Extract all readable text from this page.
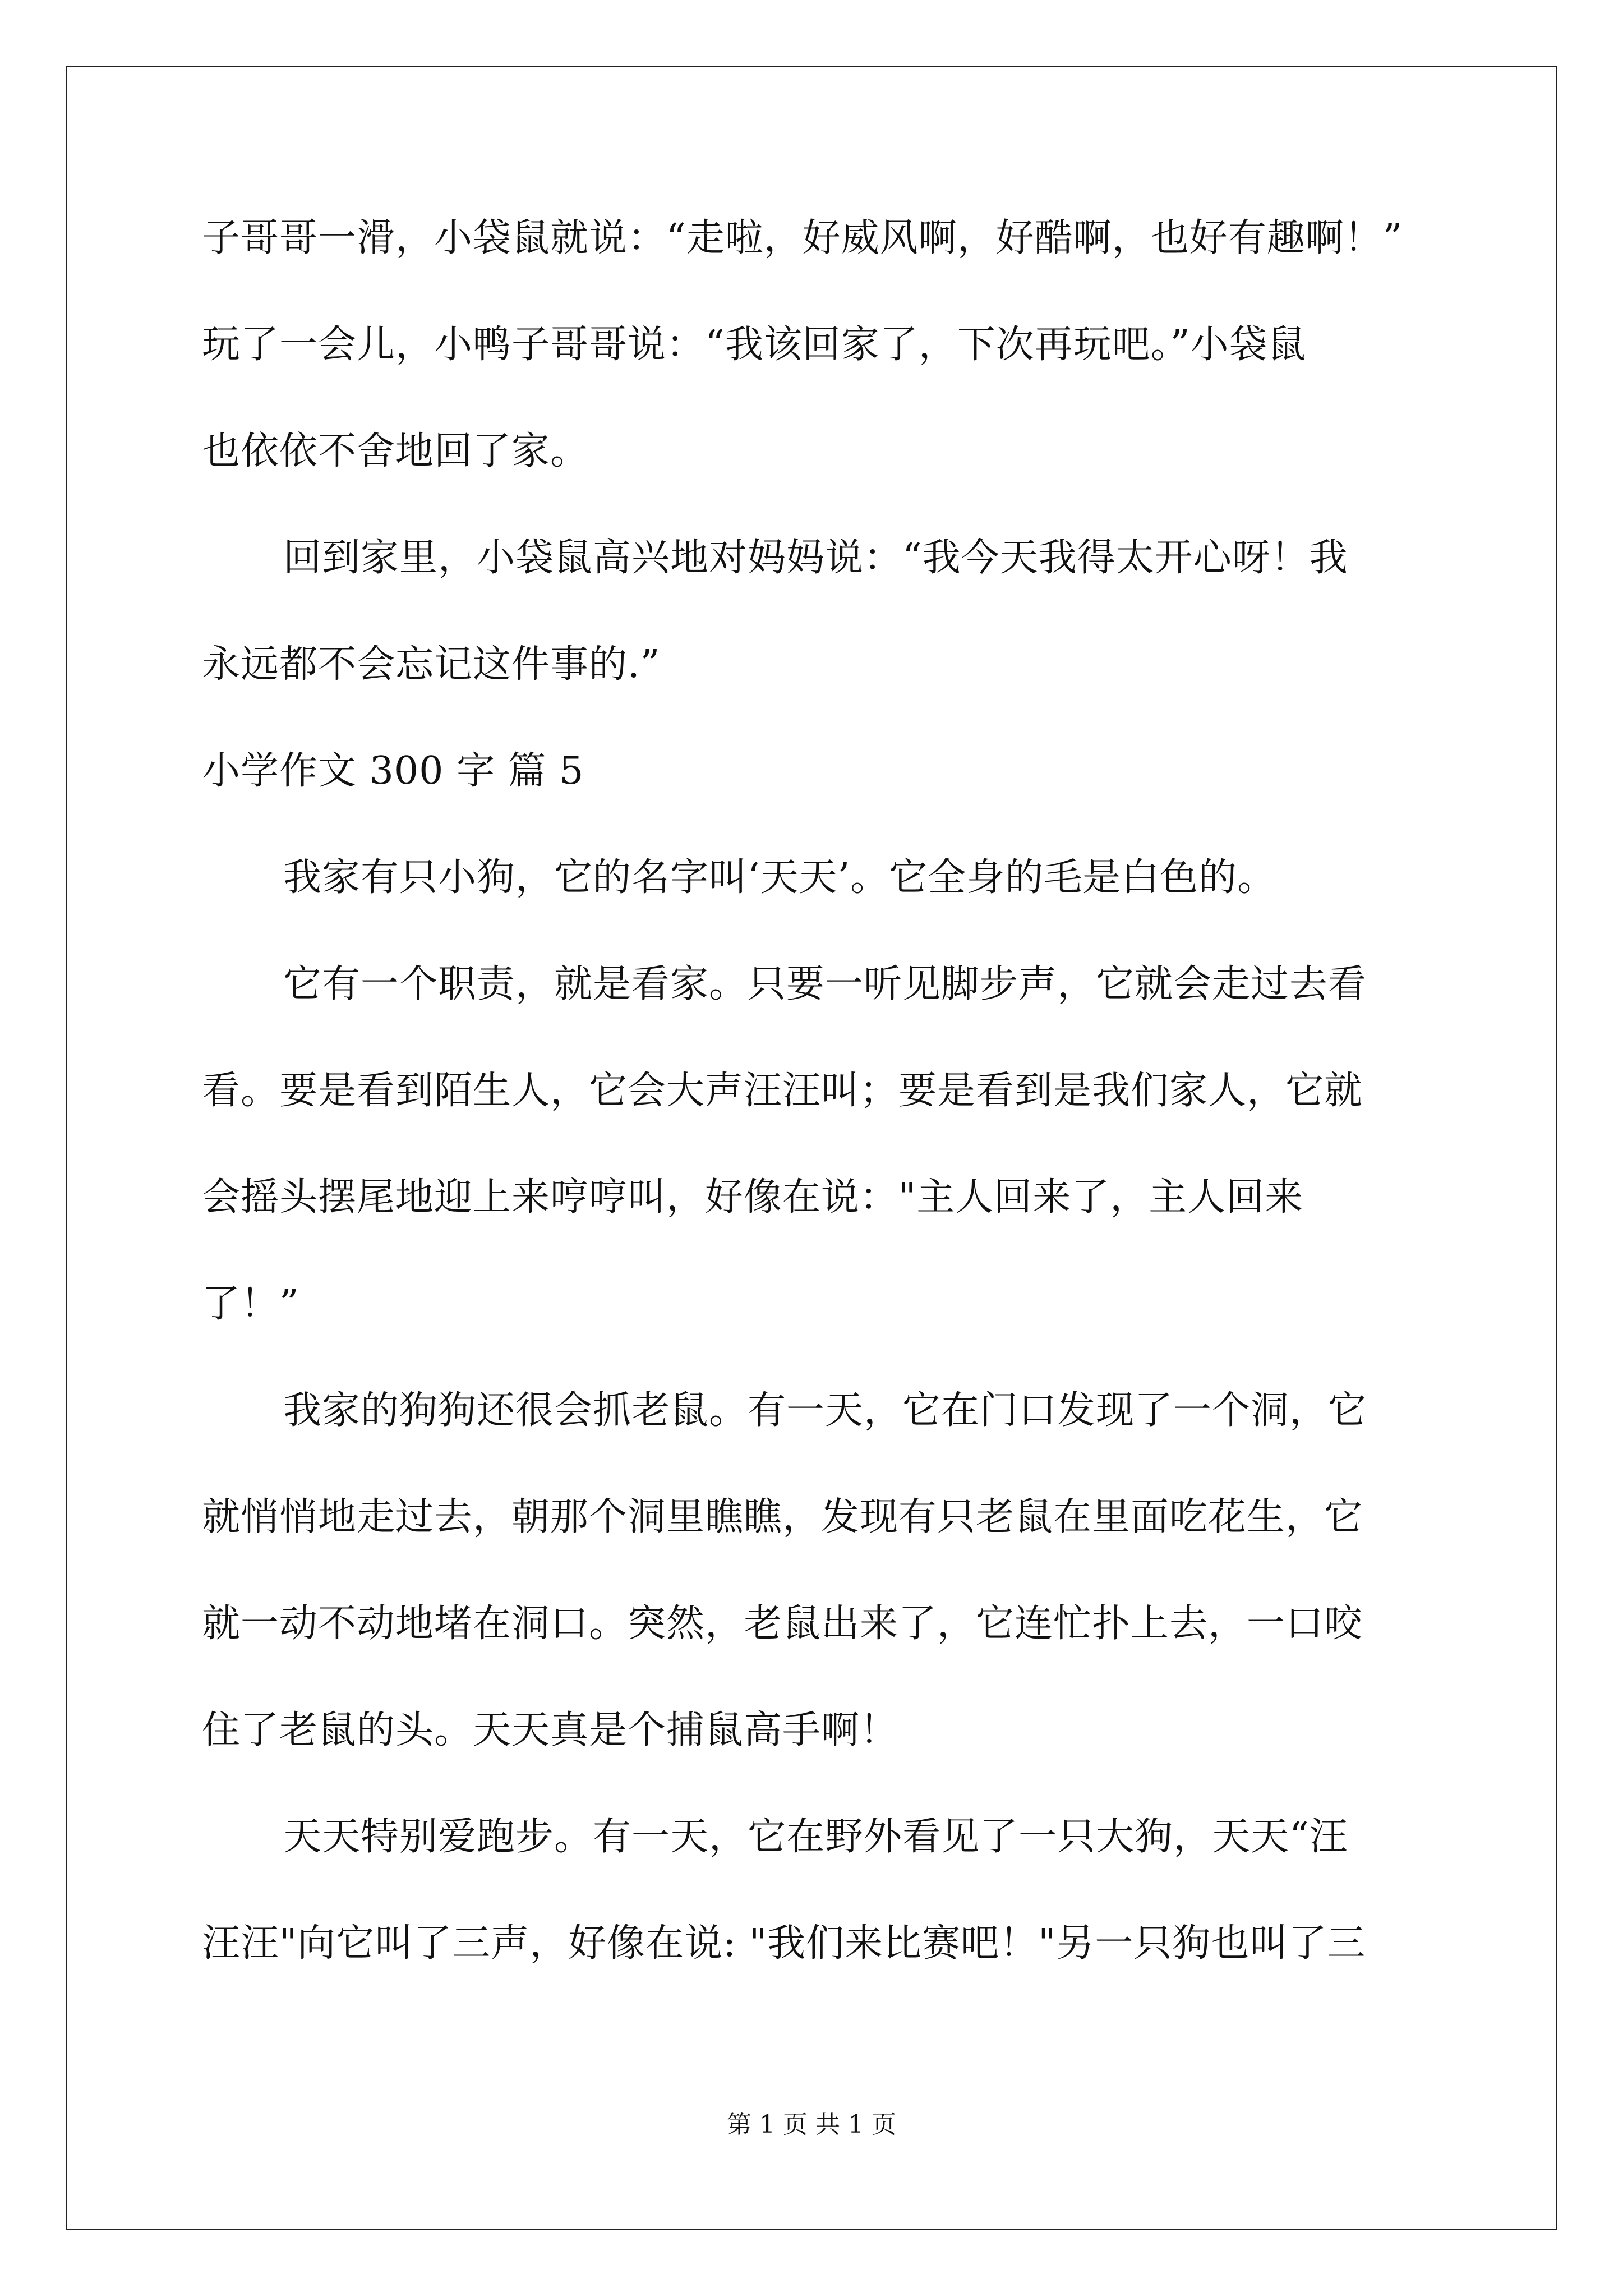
子哥哥一滑，小袋鼠就说：“走啦，好威风啊，好酷啊，也好有趣啊！”
玩了一会儿，小鸭子哥哥说：“我该回家了，下次再玩吧。”小袋鼠
也依依不舍地回了家。
回到家里，小袋鼠高兴地对妈妈说：“我今天我得太开心呀！我
永远都不会忘记这件事的.”
小学作文 300 字 篇 5
我家有只小狗，它的名字叫‘天天’。它全身的毛是白色的。
它有一个职责，就是看家。只要一听见脚步声，它就会走过去看
看。要是看到陌生人，它会大声汪汪叫；要是看到是我们家人，它就
会摇头摆尾地迎上来哼哼叫，好像在说："主人回来了，主人回来
了！”
我家的狗狗还很会抓老鼠。有一天，它在门口发现了一个洞，它
就悄悄地走过去，朝那个洞里瞧瞧，发现有只老鼠在里面吃花生，它
就一动不动地堵在洞口。突然，老鼠出来了，它连忙扑上去，一口咬
住了老鼠的头。天天真是个捕鼠高手啊！
天天特别爱跑步。有一天，它在野外看见了一只大狗，天天“汪
汪汪"向它叫了三声，好像在说: "我们来比赛吧！"另一只狗也叫了三
第 1 页 共 1 页
